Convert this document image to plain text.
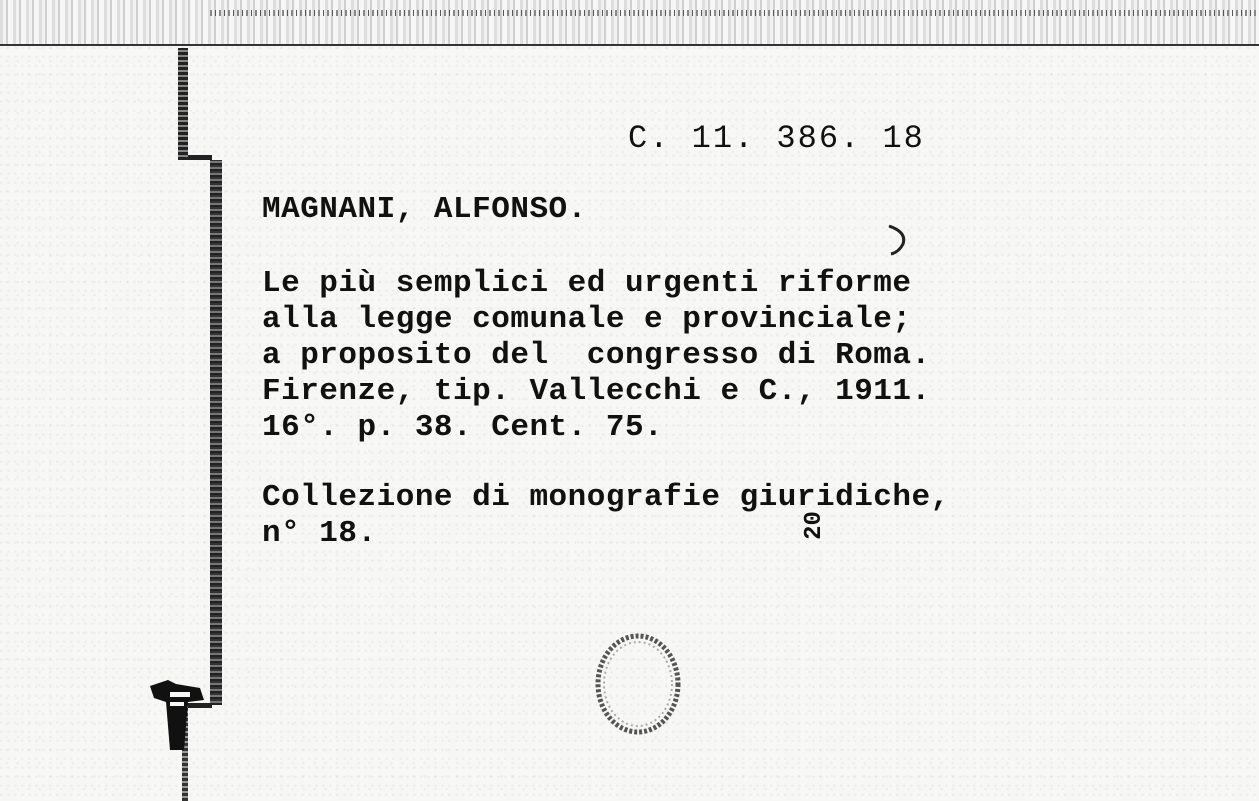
C. 11. 386. 18
MAGNANI, ALFONSO.
Le più semplici ed urgenti riforme
alla legge comunale e provinciale;
a proposito del  congresso di Roma.
Firenze, tip. Vallecchi e C., 1911.
16°. p. 38. Cent. 75.
Collezione di monografie giuridiche,
n° 18.	20
